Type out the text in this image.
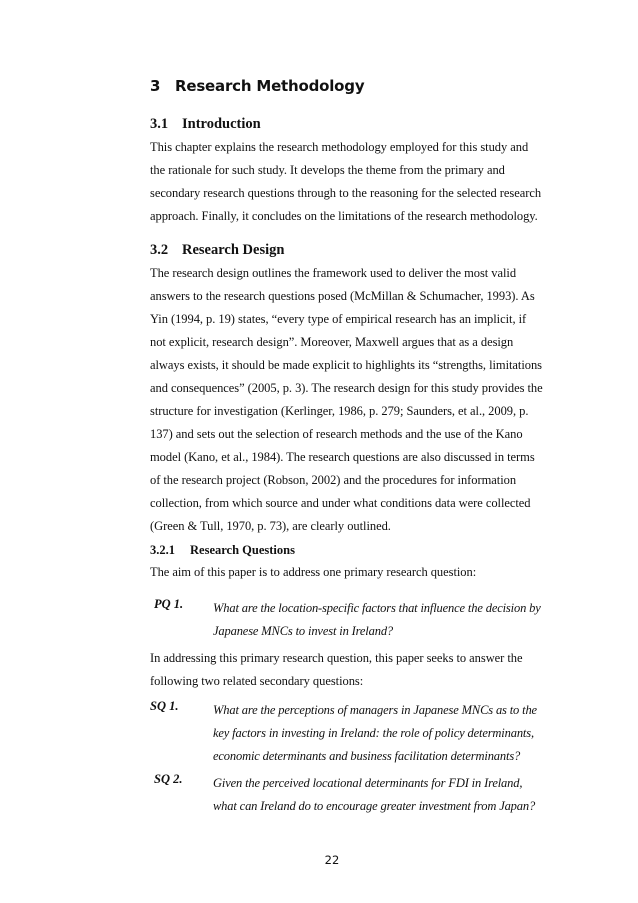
3 Research Methodology
3.1 Introduction
This chapter explains the research methodology employed for this study and
the rationale for such study. It develops the theme from the primary and
secondary research questions through to the reasoning for the selected research
approach. Finally, it concludes on the limitations of the research methodology.
3.2 Research Design
The research design outlines the framework used to deliver the most valid
answers to the research questions posed (McMillan & Schumacher, 1993). As
Yin (1994, p. 19) states, “every type of empirical research has an implicit, if
not explicit, research design”. Moreover, Maxwell argues that as a design
always exists, it should be made explicit to highlights its “strengths, limitations
and consequences” (2005, p. 3). The research design for this study provides the
structure for investigation (Kerlinger, 1986, p. 279; Saunders, et al., 2009, p.
137) and sets out the selection of research methods and the use of the Kano
model (Kano, et al., 1984). The research questions are also discussed in terms
of the research project (Robson, 2002) and the procedures for information
collection, from which source and under what conditions data were collected
(Green & Tull, 1970, p. 73), are clearly outlined.
3.2.1 Research Questions
The aim of this paper is to address one primary research question:
PQ 1. What are the location-specific factors that influence the decision by
Japanese MNCs to invest in Ireland?
In addressing this primary research question, this paper seeks to answer the
following two related secondary questions:
SQ 1.	What are the perceptions of managers in Japanese MNCs as to the
key factors in investing in Ireland: the role of policy determinants,
economic determinants and business facilitation determinants?
SQ 2. Given the perceived locational determinants for FDI in Ireland,
what can Ireland do to encourage greater investment from Japan?
22
